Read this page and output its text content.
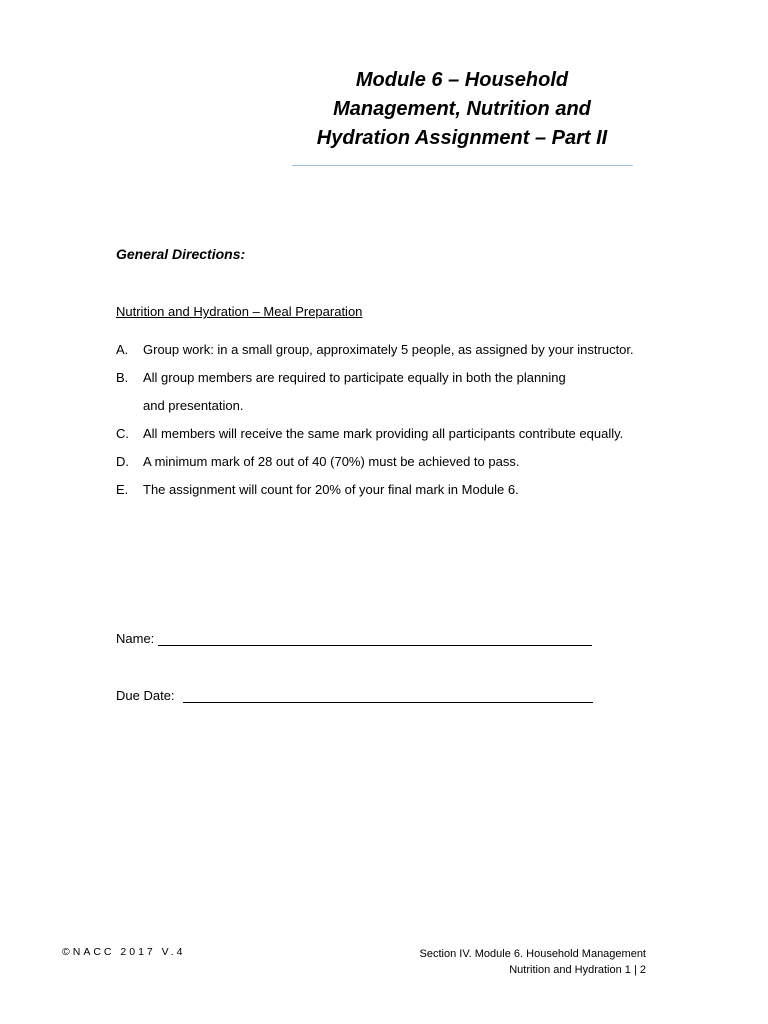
Module 6 – Household
Management, Nutrition and
Hydration Assignment – Part II
General Directions:
Nutrition and Hydration – Meal Preparation
A. Group work: in a small group, approximately 5 people, as assigned by your instructor.
B. All group members are required to participate equally in both the planning
and presentation.
C. All members will receive the same mark providing all participants contribute equally.
D. A minimum mark of 28 out of 40 (70%) must be achieved to pass.
E. The assignment will count for 20% of your final mark in Module 6.
Name:
Due Date:
©NACC 2017 V.4	Section IV. Module 6. Household Management
Nutrition and Hydration 1 | 2
